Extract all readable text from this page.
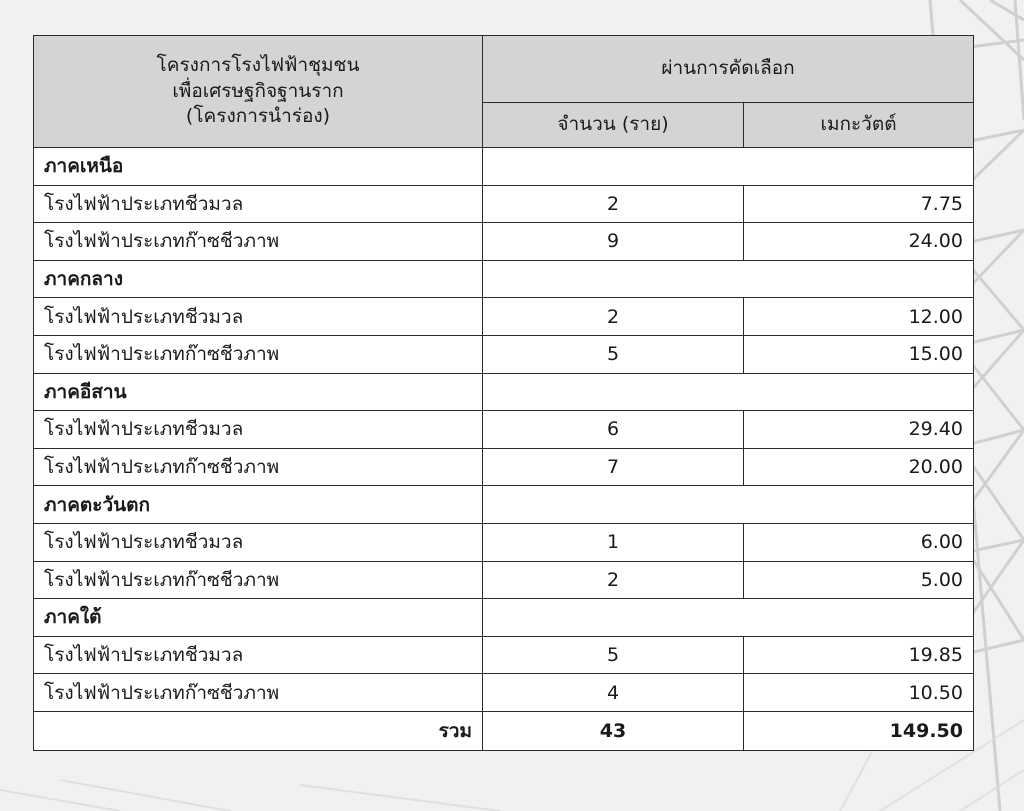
โครงการโรงไฟฟ้าชุมชน
เพื่อเศรษฐกิจฐานราก
(โครงการนำร่อง)	ผ่านการคัดเลือก	
	จำนวน (ราย)	เมกะวัตต์
ภาคเหนือ		
โรงไฟฟ้าประเภทชีวมวล	2	7.75
โรงไฟฟ้าประเภทก๊าซชีวภาพ	9	24.00
ภาคกลาง		
โรงไฟฟ้าประเภทชีวมวล	2	12.00
โรงไฟฟ้าประเภทก๊าซชีวภาพ	5	15.00
ภาคอีสาน		
โรงไฟฟ้าประเภทชีวมวล	6	29.40
โรงไฟฟ้าประเภทก๊าซชีวภาพ	7	20.00
ภาคตะวันตก		
โรงไฟฟ้าประเภทชีวมวล	1	6.00
โรงไฟฟ้าประเภทก๊าซชีวภาพ	2	5.00
ภาคใต้		
โรงไฟฟ้าประเภทชีวมวล	5	19.85
โรงไฟฟ้าประเภทก๊าซชีวภาพ	4	10.50
รวม	43	149.50
